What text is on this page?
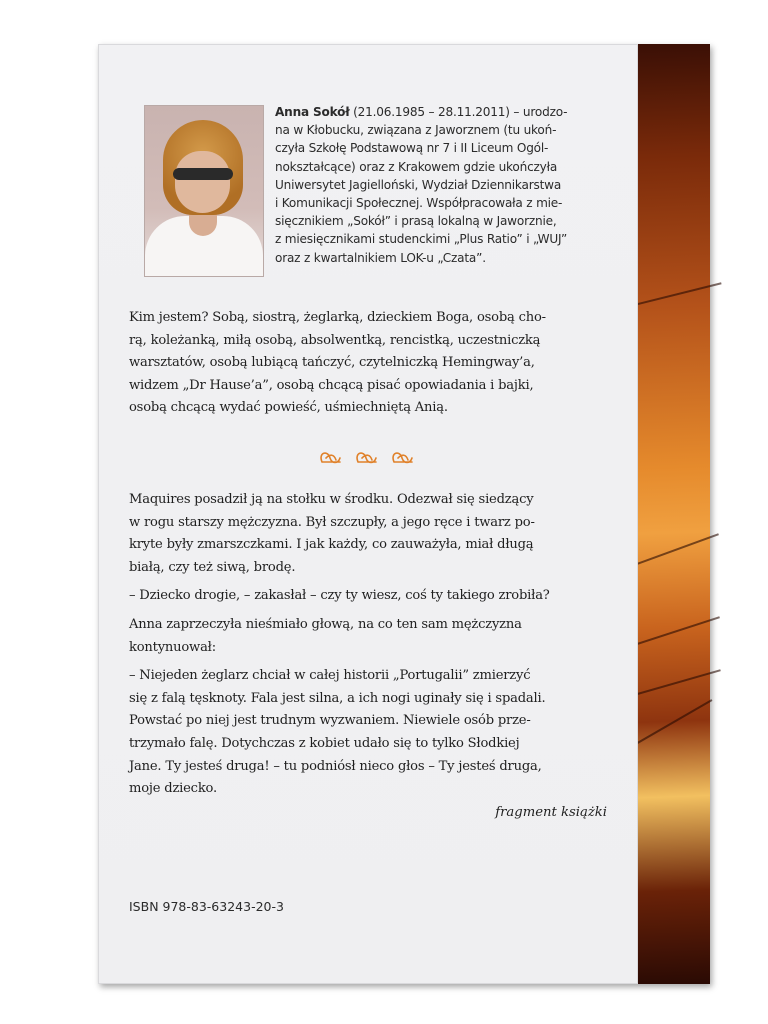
Anna Sokół (21.06.1985 – 28.11.2011) – urodzo-
na w Kłobucku, związana z Jaworznem (tu ukoń-
czyła Szkołę Podstawową nr 7 i II Liceum Ogól-
nokształcące) oraz z Krakowem gdzie ukończyła
Uniwersytet Jagielloński, Wydział Dziennikarstwa
i Komunikacji Społecznej. Współpracowała z mie-
sięcznikiem „Sokół” i prasą lokalną w Jaworznie,
z miesięcznikami studenckimi „Plus Ratio” i „WUJ”
oraz z kwartalnikiem LOK-u „Czata”.
Kim jestem? Sobą, siostrą, żeglarką, dzieckiem Boga, osobą cho-
rą, koleżanką, miłą osobą, absolwentką, rencistką, uczestniczką
warsztatów, osobą lubiącą tańczyć, czytelniczką Hemingway’a,
widzem „Dr Hause’a”, osobą chcącą pisać opowiadania i bajki,
osobą chcącą wydać powieść, uśmiechniętą Anią.

Maquires posadził ją na stołku w środku. Odezwał się siedzący
w rogu starszy mężczyzna. Był szczupły, a jego ręce i twarz po-
kryte były zmarszczkami. I jak każdy, co zauważyła, miał długą
białą, czy też siwą, brodę.

– Dziecko drogie, – zakasłał – czy ty wiesz, coś ty takiego zrobiła?

Anna zaprzeczyła nieśmiało głową, na co ten sam mężczyzna
kontynuował:

– Niejeden żeglarz chciał w całej historii „Portugalii” zmierzyć
się z falą tęsknoty. Fala jest silna, a ich nogi uginały się i spadali.
Powstać po niej jest trudnym wyzwaniem. Niewiele osób prze-
trzymało falę. Dotychczas z kobiet udało się to tylko Słodkiej
Jane. Ty jesteś druga! – tu podniósł nieco głos – Ty jesteś druga,
moje dziecko.

fragment książki
ISBN 978-83-63243-20-3
